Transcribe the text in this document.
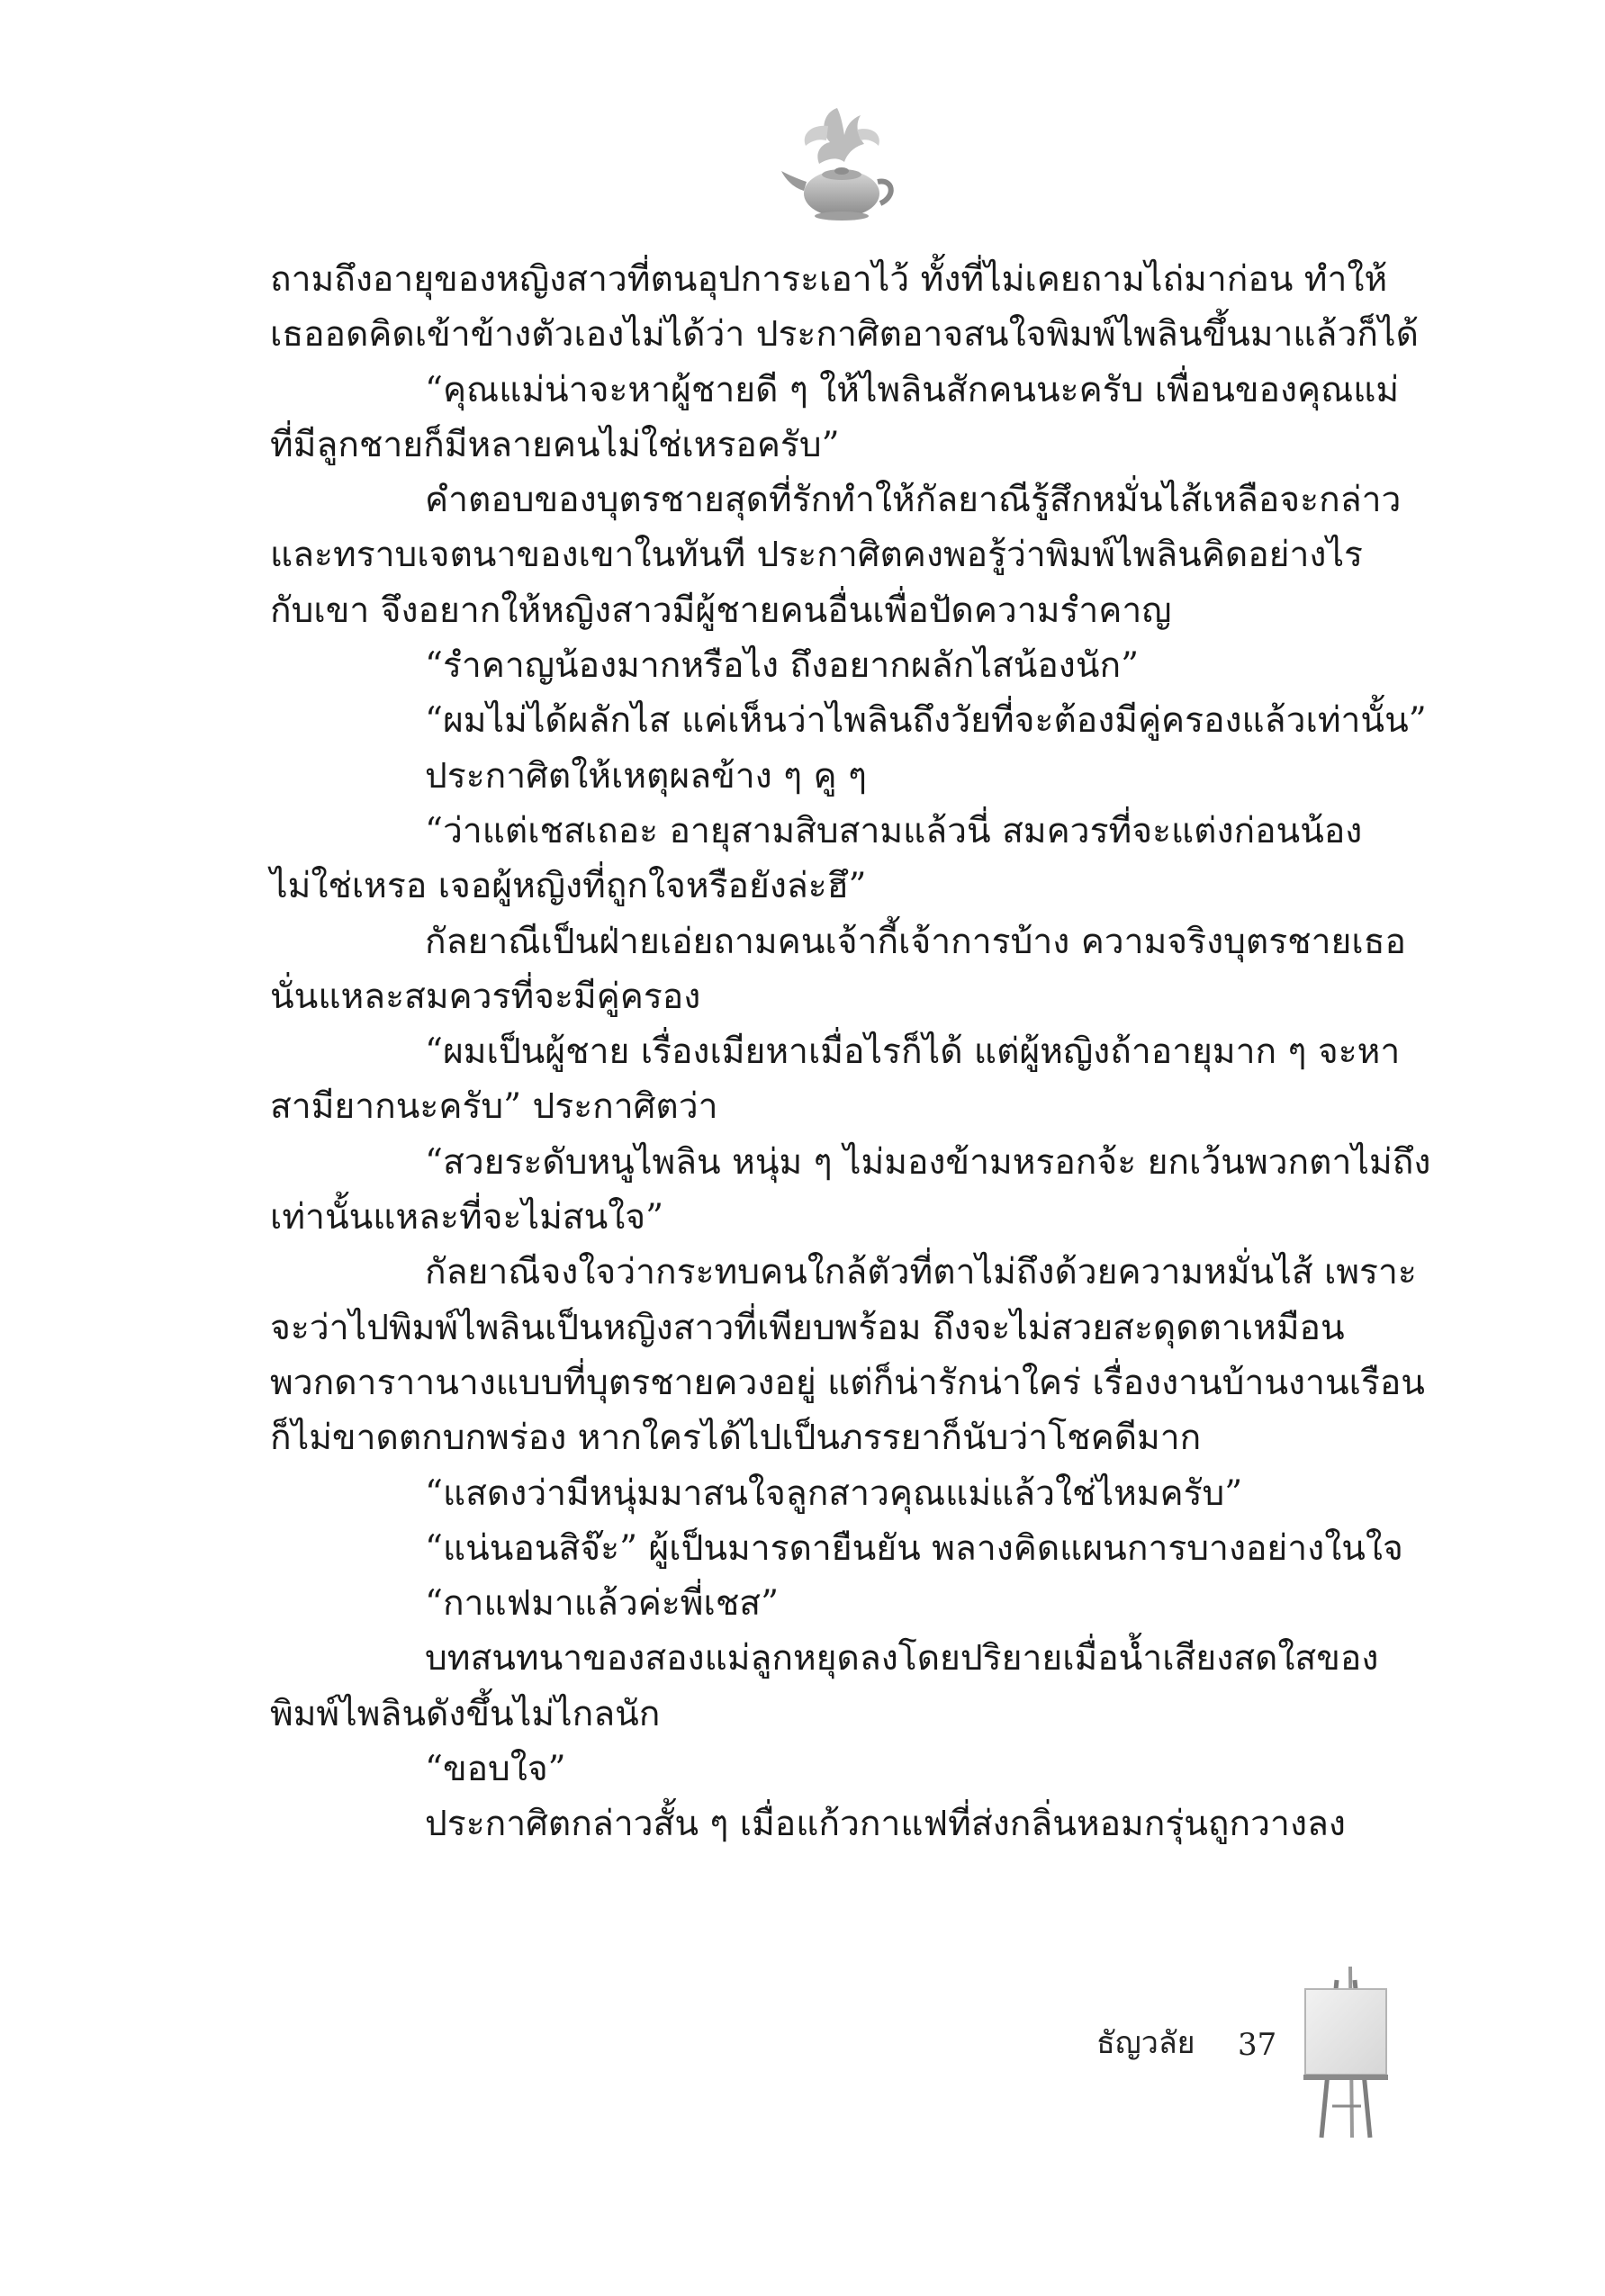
ถามถึงอายุของหญิงสาวที่ตนอุปการะเอาไว้ ทั้งที่ไม่เคยถามไถ่มาก่อน ทำให้
เธออดคิดเข้าข้างตัวเองไม่ได้ว่า ประกาศิตอาจสนใจพิมพ์ไพลินขึ้นมาแล้วก็ได้
“คุณแม่น่าจะหาผู้ชายดี ๆ ให้ไพลินสักคนนะครับ เพื่อนของคุณแม่
ที่มีลูกชายก็มีหลายคนไม่ใช่เหรอครับ”
คำตอบของบุตรชายสุดที่รักทำให้กัลยาณีรู้สึกหมั่นไส้เหลือจะกล่าว
และทราบเจตนาของเขาในทันที ประกาศิตคงพอรู้ว่าพิมพ์ไพลินคิดอย่างไร
กับเขา จึงอยากให้หญิงสาวมีผู้ชายคนอื่นเพื่อปัดความรำคาญ
“รำคาญน้องมากหรือไง ถึงอยากผลักไสน้องนัก”
“ผมไม่ได้ผลักไส แค่เห็นว่าไพลินถึงวัยที่จะต้องมีคู่ครองแล้วเท่านั้น”
ประกาศิตให้เหตุผลข้าง ๆ คู ๆ
“ว่าแต่เชสเถอะ อายุสามสิบสามแล้วนี่ สมควรที่จะแต่งก่อนน้อง
ไม่ใช่เหรอ เจอผู้หญิงที่ถูกใจหรือยังล่ะฮึ”
กัลยาณีเป็นฝ่ายเอ่ยถามคนเจ้ากี้เจ้าการบ้าง ความจริงบุตรชายเธอ
นั่นแหละสมควรที่จะมีคู่ครอง
“ผมเป็นผู้ชาย เรื่องเมียหาเมื่อไรก็ได้ แต่ผู้หญิงถ้าอายุมาก ๆ จะหา
สามียากนะครับ” ประกาศิตว่า
“สวยระดับหนูไพลิน หนุ่ม ๆ ไม่มองข้ามหรอกจ้ะ ยกเว้นพวกตาไม่ถึง
เท่านั้นแหละที่จะไม่สนใจ”
กัลยาณีจงใจว่ากระทบคนใกล้ตัวที่ตาไม่ถึงด้วยความหมั่นไส้ เพราะ
จะว่าไปพิมพ์ไพลินเป็นหญิงสาวที่เพียบพร้อม ถึงจะไม่สวยสะดุดตาเหมือน
พวกดาราานางแบบที่บุตรชายควงอยู่ แต่ก็น่ารักน่าใคร่ เรื่องงานบ้านงานเรือน
ก็ไม่ขาดตกบกพร่อง หากใครได้ไปเป็นภรรยาก็นับว่าโชคดีมาก
“แสดงว่ามีหนุ่มมาสนใจลูกสาวคุณแม่แล้วใช่ไหมครับ”
“แน่นอนสิจ๊ะ” ผู้เป็นมารดายืนยัน พลางคิดแผนการบางอย่างในใจ
“กาแฟมาแล้วค่ะพี่เชส”
บทสนทนาของสองแม่ลูกหยุดลงโดยปริยายเมื่อน้ำเสียงสดใสของ
พิมพ์ไพลินดังขึ้นไม่ไกลนัก
“ขอบใจ”
ประกาศิตกล่าวสั้น ๆ เมื่อแก้วกาแฟที่ส่งกลิ่นหอมกรุ่นถูกวางลง
ธัญวลัย 37
